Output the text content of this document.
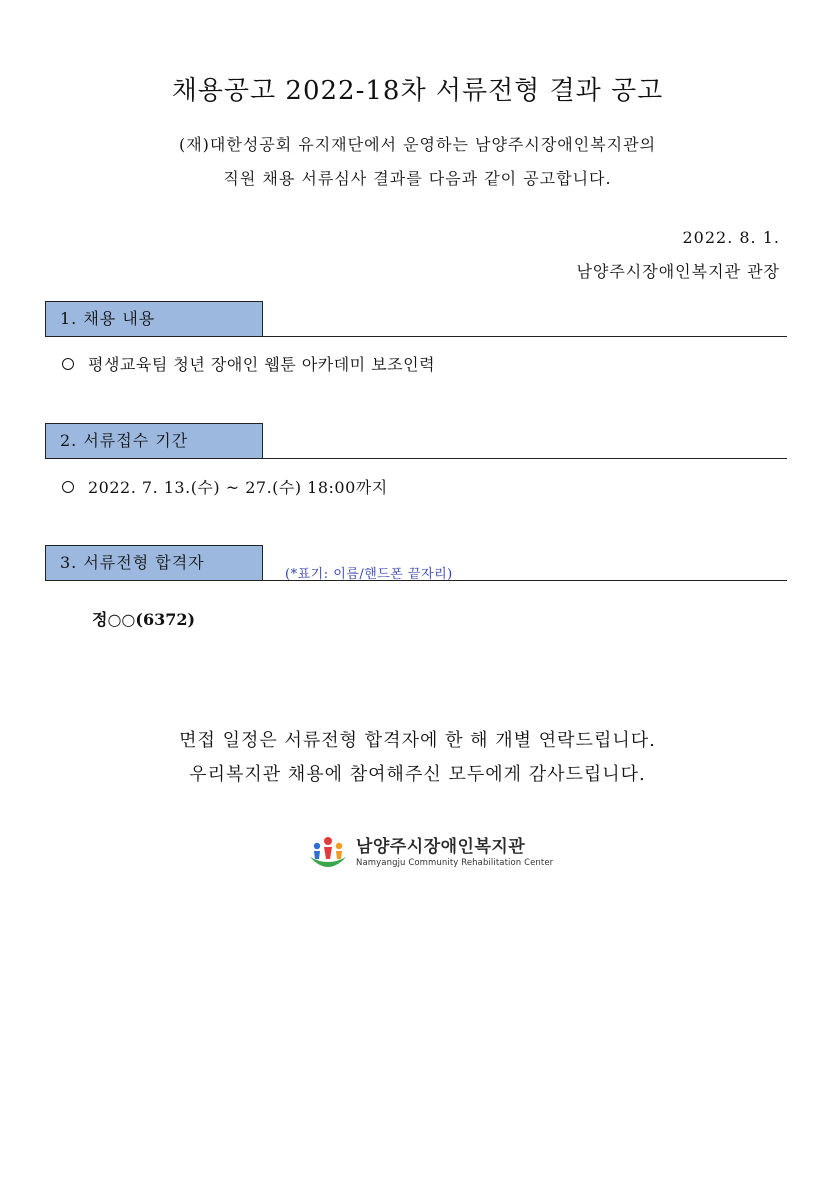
채용공고 2022-18차 서류전형 결과 공고
(재)대한성공회 유지재단에서 운영하는 남양주시장애인복지관의
직원 채용 서류심사 결과를 다음과 같이 공고합니다.
2022. 8. 1.
남양주시장애인복지관 관장
1. 채용 내용
평생교육팀 청년 장애인 웹툰 아카데미 보조인력
2. 서류접수 기간
2022. 7. 13.(수) ~ 27.(수) 18:00까지
3. 서류전형 합격자
(*표기: 이름/핸드폰 끝자리)
정○○(6372)
면접 일정은 서류전형 합격자에 한 해 개별 연락드립니다.
우리복지관 채용에 참여해주신 모두에게 감사드립니다.
남양주시장애인복지관
Namyangju Community Rehabilitation Center
